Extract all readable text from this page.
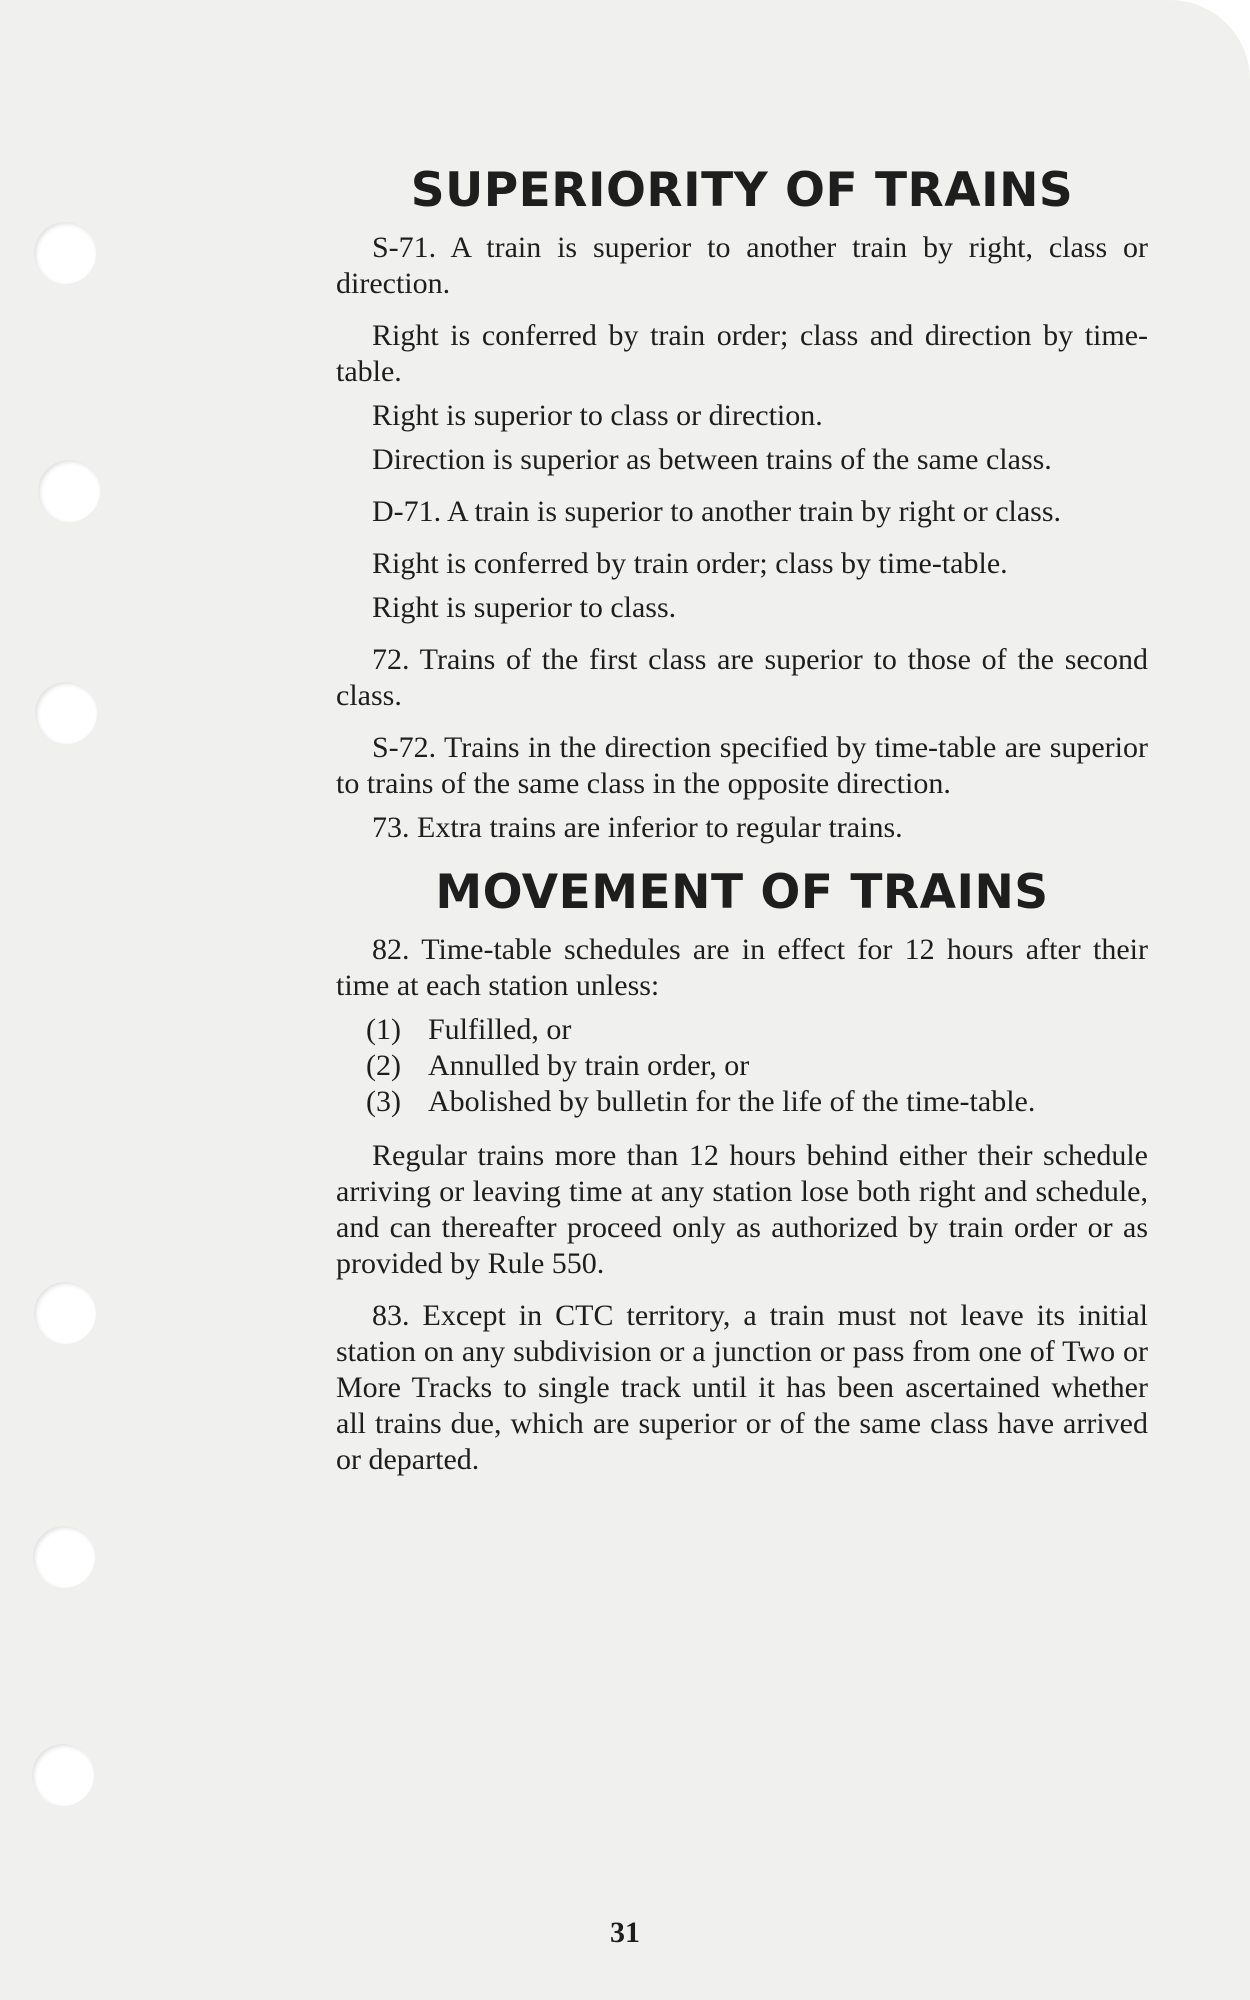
SUPERIORITY OF TRAINS

S-71. A train is superior to another train by right, class or direction.

Right is conferred by train order; class and direction by time-table.

Right is superior to class or direction.

Direction is superior as between trains of the same class.

D-71. A train is superior to another train by right or class.

Right is conferred by train order; class by time-table.

Right is superior to class.

72. Trains of the first class are superior to those of the second class.

S-72. Trains in the direction specified by time-table are superior to trains of the same class in the opposite direction.

73. Extra trains are inferior to regular trains.

MOVEMENT OF TRAINS

82. Time-table schedules are in effect for 12 hours after their time at each station unless:

(1) Fulfilled, or
(2) Annulled by train order, or
(3) Abolished by bulletin for the life of the time-table.

Regular trains more than 12 hours behind either their schedule arriving or leaving time at any station lose both right and schedule, and can thereafter proceed only as authorized by train order or as provided by Rule 550.

83. Except in CTC territory, a train must not leave its initial station on any subdivision or a junction or pass from one of Two or More Tracks to single track until it has been ascertained whether all trains due, which are superior or of the same class have arrived or departed.

31
